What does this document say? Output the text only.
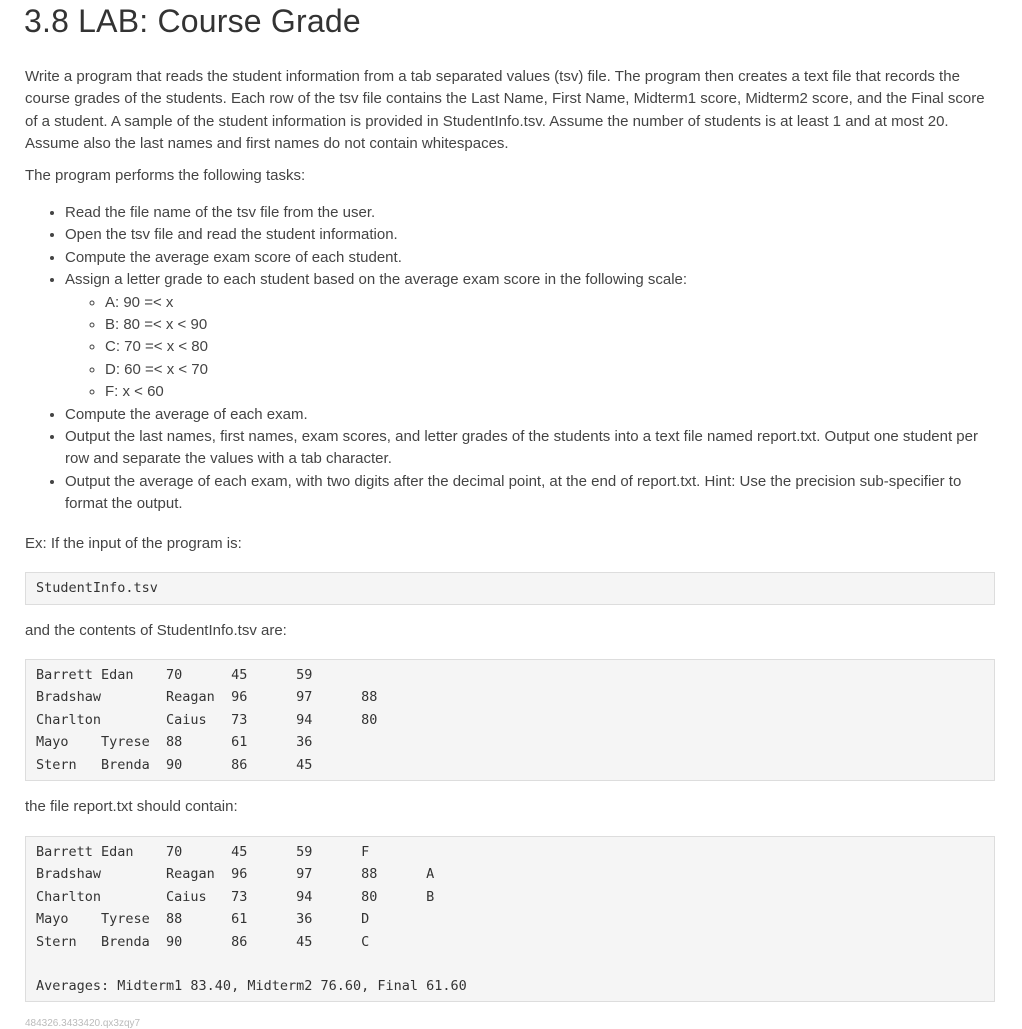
3.8 LAB: Course Grade

Write a program that reads the student information from a tab separated values (tsv) file. The program then creates a text file that records the course grades of the students. Each row of the tsv file contains the Last Name, First Name, Midterm1 score, Midterm2 score, and the Final score of a student. A sample of the student information is provided in StudentInfo.tsv. Assume the number of students is at least 1 and at most 20. Assume also the last names and first names do not contain whitespaces.

The program performs the following tasks:

• Read the file name of the tsv file from the user.
• Open the tsv file and read the student information.
• Compute the average exam score of each student.
• Assign a letter grade to each student based on the average exam score in the following scale:
◦ A: 90 =< x
◦ B: 80 =< x < 90
◦ C: 70 =< x < 80
◦ D: 60 =< x < 70
◦ F: x < 60
• Compute the average of each exam.
• Output the last names, first names, exam scores, and letter grades of the students into a text file named report.txt. Output one student per row and separate the values with a tab character.
• Output the average of each exam, with two digits after the decimal point, at the end of report.txt. Hint: Use the precision sub-specifier to format the output.

Ex: If the input of the program is:

StudentInfo.tsv

and the contents of StudentInfo.tsv are:

Barrett	Edan	70	45	59
Bradshaw	Reagan	96	97	88
Charlton	Caius	73	94	80
Mayo	Tyrese	88	61	36
Stern	Brenda	90	86	45

the file report.txt should contain:

Barrett	Edan	70	45	59	F
Bradshaw	Reagan	96	97	88	A
Charlton	Caius	73	94	80	B
Mayo	Tyrese	88	61	36	D
Stern	Brenda	90	86	45	C
Averages: Midterm1 83.40, Midterm2 76.60, Final 61.60
484326.3433420.qx3zqy7
